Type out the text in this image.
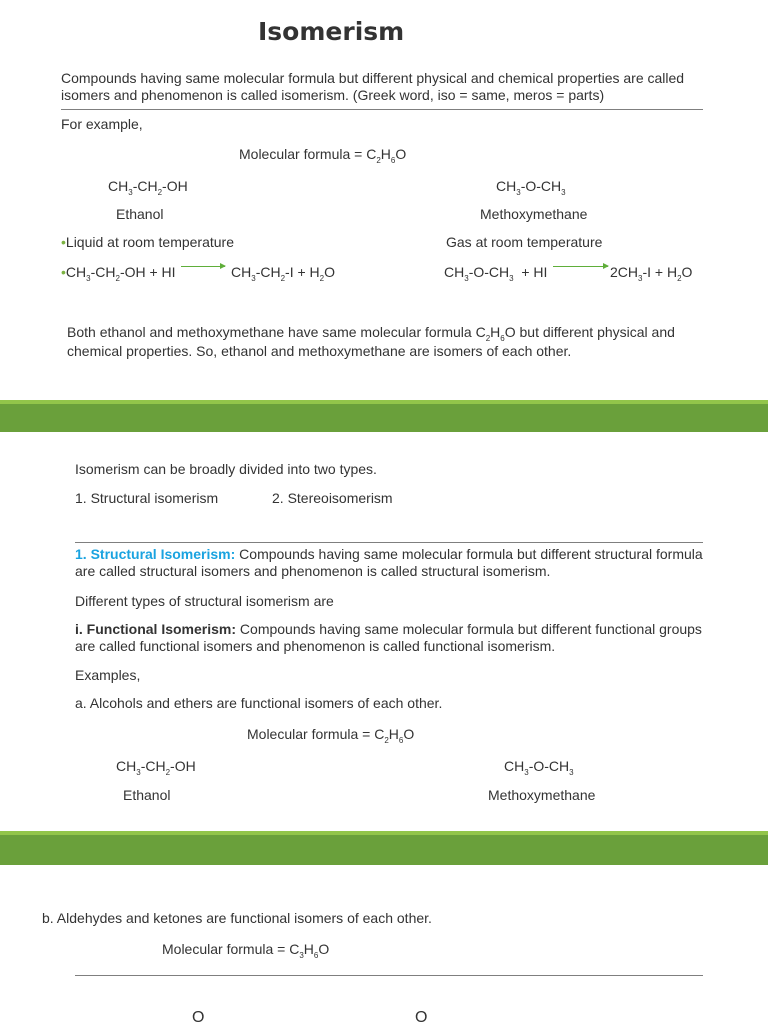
Isomerism
Compounds having same molecular formula but different physical and chemical properties are called isomers and phenomenon is called isomerism. (Greek word, iso = same, meros = parts)
For example,
Molecular formula = $C_2H_6O$
$CH_3-CH_2-OH$	$CH_3-O-CH_3$
Ethanol	Methoxymethane
•Liquid at room temperature	Gas at room temperature
$•CH_3-CH_2-OH$ + HI → $CH_3-CH_2-I + H_2O$	$CH_3-O-CH_3$  + HI → $2CH_3-I + H_2O$
Both ethanol and methoxymethane have same molecular formula $C_2H_6O$ but different physical and chemical properties. So, ethanol and methoxymethane are isomers of each other.
Isomerism can be broadly divided into two types.
1. Structural isomerism	2. Stereoisomerism
1. Structural Isomerism: Compounds having same molecular formula but different structural formula are called structural isomers and phenomenon is called structural isomerism.
Different types of structural isomerism are
i. Functional Isomerism: Compounds having same molecular formula but different functional groups are called functional isomers and phenomenon is called functional isomerism.
Examples,
a. Alcohols and ethers are functional isomers of each other.
Molecular formula = $C_2H_6O$
$CH_3-CH_2-OH$	$CH_3-O-CH_3$
Ethanol	Methoxymethane
b. Aldehydes and ketones are functional isomers of each other.
Molecular formula = $C_3H_6O$
O	O
